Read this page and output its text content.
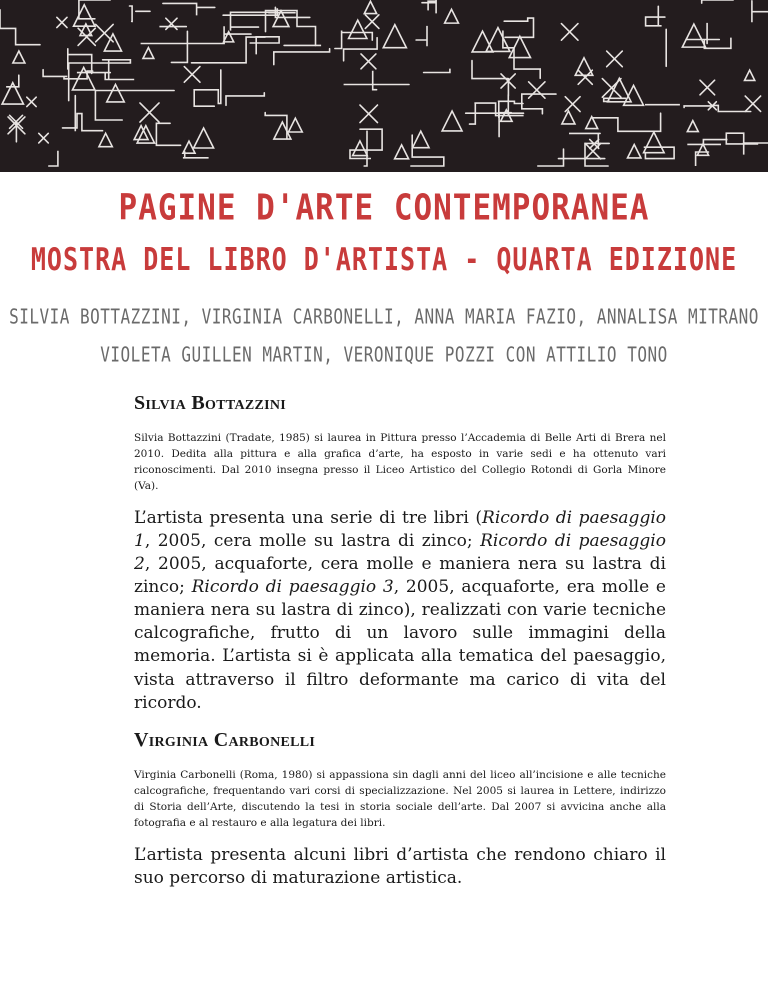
PAGINE D'ARTE CONTEMPORANEA
MOSTRA DEL LIBRO D'ARTISTA - QUARTA EDIZIONE
SILVIA BOTTAZZINI, VIRGINIA CARBONELLI, ANNA MARIA FAZIO, ANNALISA MITRANO
VIOLETA GUILLEN MARTIN, VERONIQUE POZZI CON ATTILIO TONO
Silvia Bottazzini

Silvia Bottazzini (Tradate, 1985) si laurea in Pittura presso l’Accademia di Belle Arti di Brera nel 2010. Dedita alla pittura e alla grafica d’arte, ha esposto in varie sedi e ha ottenuto vari riconoscimenti. Dal 2010 insegna presso il Liceo Artistico del Collegio Rotondi di Gorla Minore (Va).

L’artista presenta una serie di tre libri (Ricordo di paesaggio 1, 2005, cera molle su lastra di zinco; Ricordo di paesaggio 2, 2005, acquaforte, cera molle e maniera nera su lastra di zinco; Ricordo di paesaggio 3, 2005, acquaforte, era molle e maniera nera su lastra di zinco), realizzati con varie tecniche calcografiche, frutto di un lavoro sulle immagini della memoria. L’artista si è applicata alla tematica del paesaggio, vista attraverso il filtro deformante ma carico di vita del ricordo.

Virginia Carbonelli

Virginia Carbonelli (Roma, 1980) si appassiona sin dagli anni del liceo all’incisione e alle tecniche calcografiche, frequentando vari corsi di specializzazione. Nel 2005 si laurea in Lettere, indirizzo di Storia dell’Arte, discutendo la tesi in storia sociale dell’arte. Dal 2007 si avvicina anche alla fotografia e al restauro e alla legatura dei libri.

L’artista presenta alcuni libri d’artista che rendono chiaro il suo percorso di maturazione artistica.
